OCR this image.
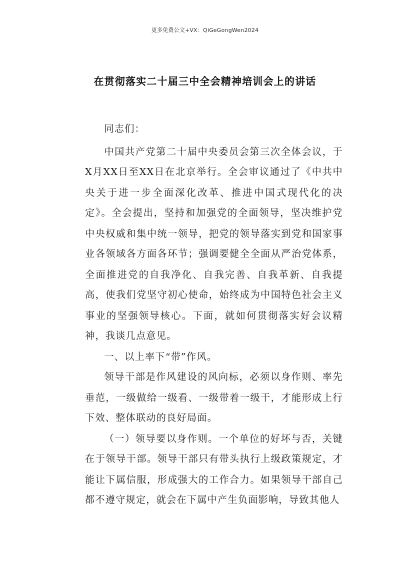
更多免费公文+VX：QiGeGongWen2024
在贯彻落实二十届三中全会精神培训会上的讲话

同志们：

中国共产党第二十届中央委员会第三次全体会议，于X月XX日至XX日在北京举行。全会审议通过了《中共中央关于进一步全面深化改革、推进中国式现代化的决定》。全会提出，坚持和加强党的全面领导，坚决维护党中央权威和集中统一领导，把党的领导落实到党和国家事业各领域各方面各环节；强调要健全全面从严治党体系，全面推进党的自我净化、自我完善、自我革新、自我提高，使我们党坚守初心使命，始终成为中国特色社会主义事业的坚强领导核心。下面，就如何贯彻落实好会议精神，我谈几点意见。

一、以上率下“带”作风。

领导干部是作风建设的风向标，必须以身作则、率先垂范，一级做给一级看、一级带着一级干，才能形成上行下效、整体联动的良好局面。

（一）领导要以身作则。一个单位的好坏与否，关键在于领导干部。领导干部只有带头执行上级政策规定，才能让下属信服，形成强大的工作合力。如果领导干部自己都不遵守规定，就会在下属中产生负面影响，导致其他人
